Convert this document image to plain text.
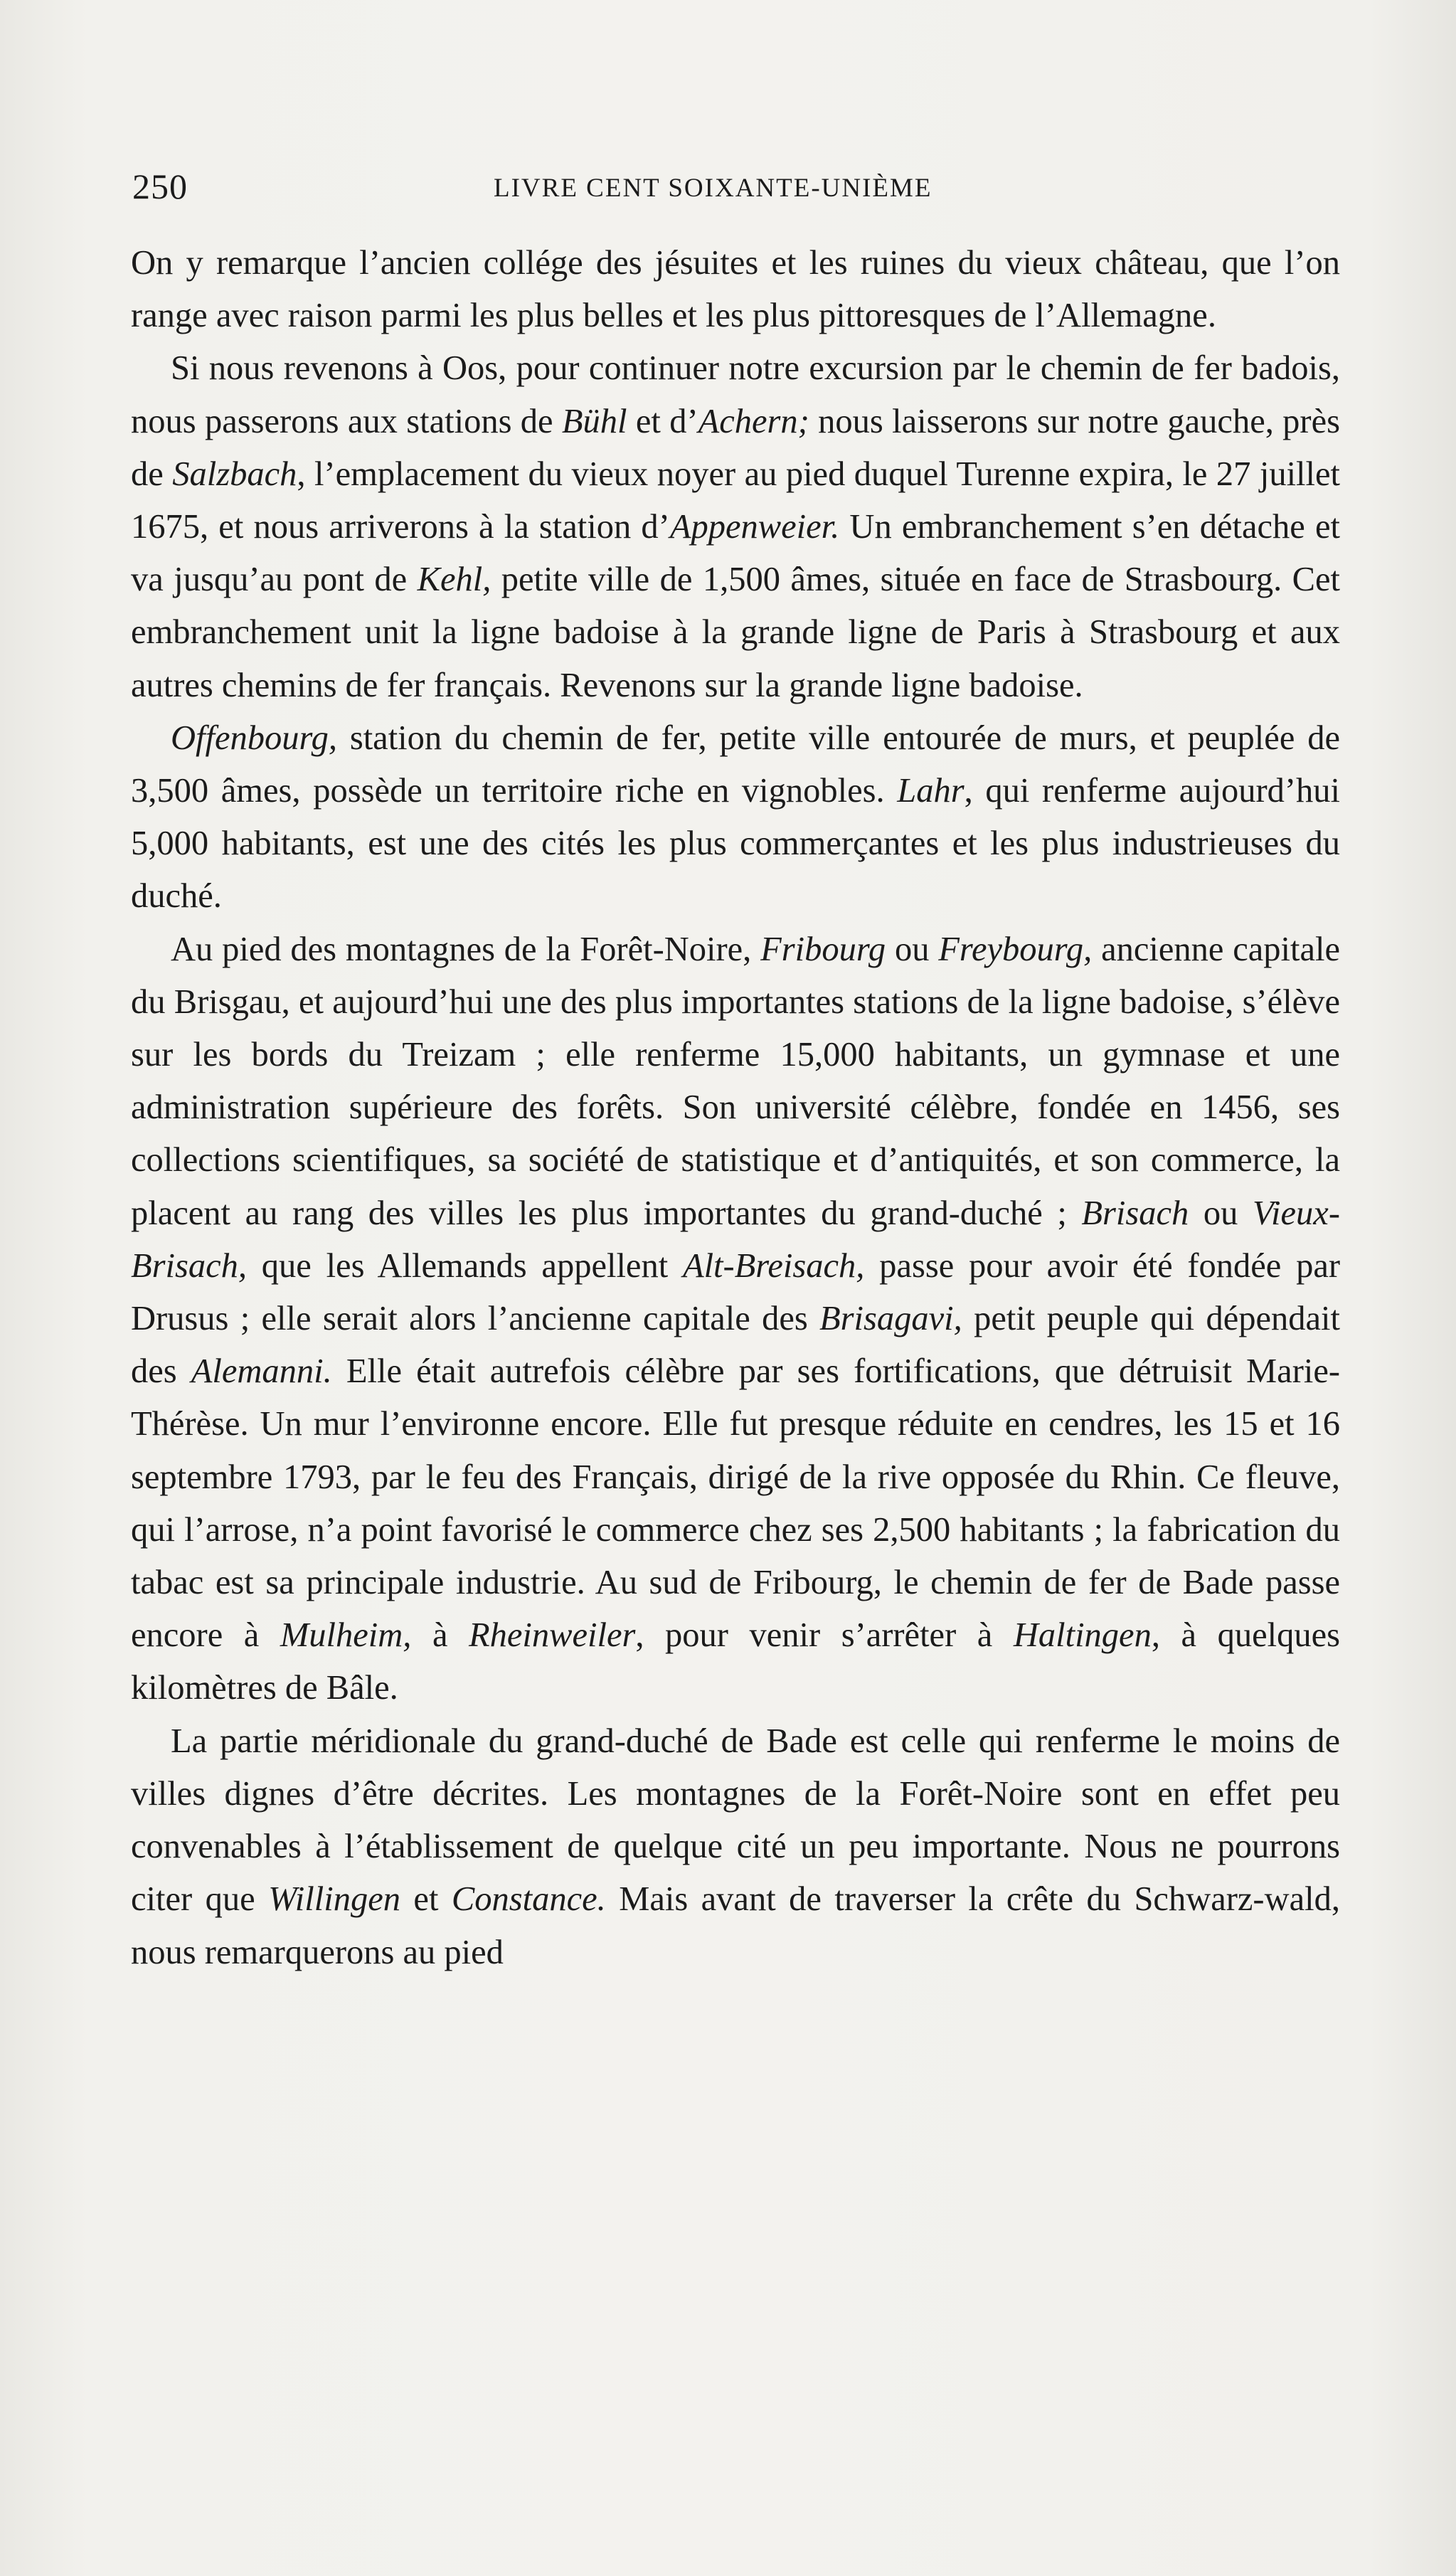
250	LIVRE CENT SOIXANTE-UNIÈME

On y remarque l’ancien collége des jésuites et les ruines du vieux château, que l’on range avec raison parmi les plus belles et les plus pittoresques de l’Allemagne.

Si nous revenons à Oos, pour continuer notre excursion par le chemin de fer badois, nous passerons aux stations de Bühl et d’Achern; nous laisserons sur notre gauche, près de Salzbach, l’emplacement du vieux noyer au pied duquel Turenne expira, le 27 juillet 1675, et nous arriverons à la station d’Appenweier. Un embranchement s’en détache et va jusqu’au pont de Kehl, petite ville de 1,500 âmes, située en face de Strasbourg. Cet embranchement unit la ligne badoise à la grande ligne de Paris à Strasbourg et aux autres chemins de fer français. Revenons sur la grande ligne badoise.

Offenbourg, station du chemin de fer, petite ville entourée de murs, et peuplée de 3,500 âmes, possède un territoire riche en vignobles. Lahr, qui renferme aujourd’hui 5,000 habitants, est une des cités les plus commerçantes et les plus industrieuses du duché.

Au pied des montagnes de la Forêt-Noire, Fribourg ou Freybourg, ancienne capitale du Brisgau, et aujourd’hui une des plus importantes stations de la ligne badoise, s’élève sur les bords du Treizam ; elle renferme 15,000 habitants, un gymnase et une administration supérieure des forêts. Son université célèbre, fondée en 1456, ses collections scientifiques, sa société de statistique et d’antiquités, et son commerce, la placent au rang des villes les plus importantes du grand-duché ; Brisach ou Vieux-Brisach, que les Allemands appellent Alt-Breisach, passe pour avoir été fondée par Drusus ; elle serait alors l’ancienne capitale des Brisagavi, petit peuple qui dépendait des Alemanni. Elle était autrefois célèbre par ses fortifications, que détruisit Marie-Thérèse. Un mur l’environne encore. Elle fut presque réduite en cendres, les 15 et 16 septembre 1793, par le feu des Français, dirigé de la rive opposée du Rhin. Ce fleuve, qui l’arrose, n’a point favorisé le commerce chez ses 2,500 habitants ; la fabrication du tabac est sa principale industrie. Au sud de Fribourg, le chemin de fer de Bade passe encore à Mulheim, à Rheinweiler, pour venir s’arrêter à Haltingen, à quelques kilomètres de Bâle.

La partie méridionale du grand-duché de Bade est celle qui renferme le moins de villes dignes d’être décrites. Les montagnes de la Forêt-Noire sont en effet peu convenables à l’établissement de quelque cité un peu importante. Nous ne pourrons citer que Willingen et Constance. Mais avant de traverser la crête du Schwarz-wald, nous remarquerons au pied
